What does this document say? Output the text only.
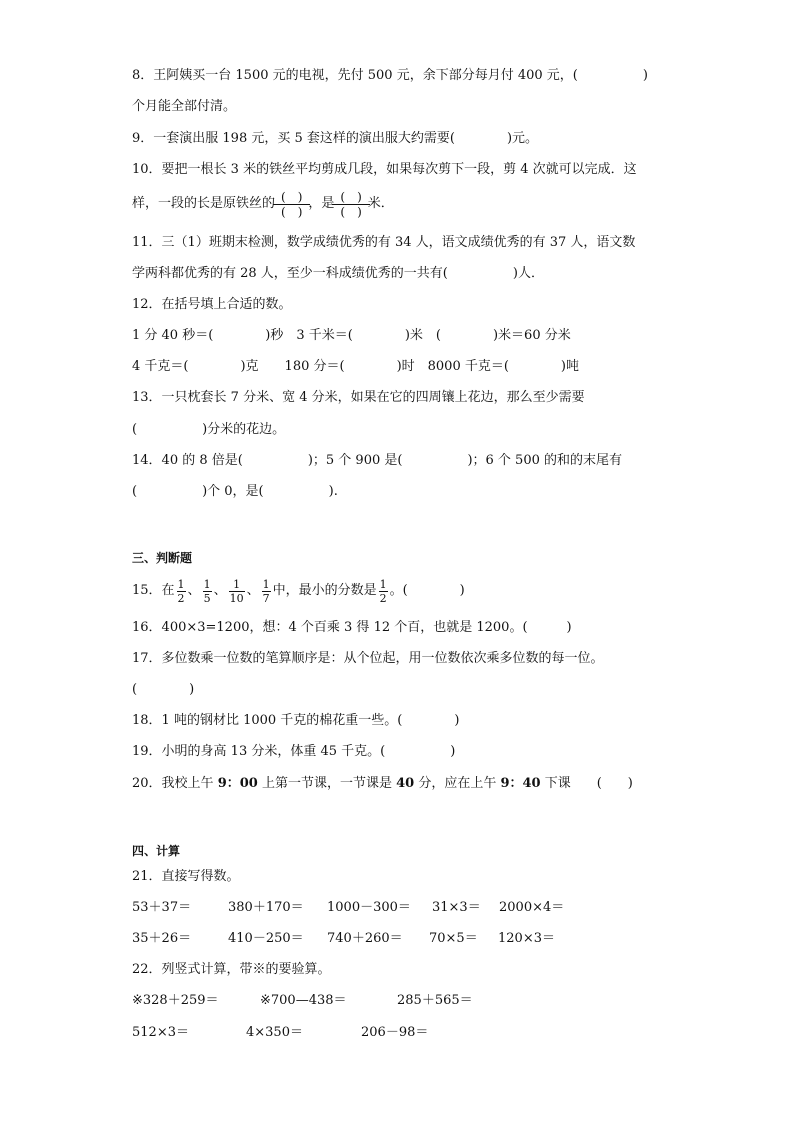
8．王阿姨买一台 1500 元的电视，先付 500 元，余下部分每月付 400 元，(　　　　　)
个月能全部付清。
9．一套演出服 198 元，买 5 套这样的演出服大约需要(　　　　)元。
10．要把一根长 3 米的铁丝平均剪成几段，如果每次剪下一段，剪 4 次就可以完成．这
样，一段的长是原铁丝的 $\frac{( )}{( )}$ ，是 $\frac{( )}{( )}$ 米．
11．三（1）班期末检测，数学成绩优秀的有 34 人，语文成绩优秀的有 37 人，语文数
学两科都优秀的有 28 人，至少一科成绩优秀的一共有(　　　　　)人．
12．在括号填上合适的数。
1 分 40 秒＝(　　　　)秒　3 千米＝(　　　　)米　(　　　　)米＝60 分米
4 千克＝(　　　　)克　　180 分＝(　　　　)时　8000 千克＝(　　　　)吨
13．一只枕套长 7 分米、宽 4 分米，如果在它的四周镶上花边，那么至少需要
(　　　　　)分米的花边。
14．40 的 8 倍是(　　　　　)；5 个 900 是(　　　　　)；6 个 500 的和的末尾有
(　　　　　)个 0，是(　　　　　).
三、判断题
15．在 $\frac{1}{2}$ 、 $\frac{1}{5}$ 、 $\frac{1}{10}$ 、 $\frac{1}{7}$ 中，最小的分数是 $\frac{1}{2}$ 。(　　　　)
16．400×3=1200，想：4 个百乘 3 得 12 个百，也就是 1200。(　　　)
17．多位数乘一位数的笔算顺序是：从个位起，用一位数依次乘多位数的每一位。
(　　　　)
18．1 吨的钢材比 1000 千克的棉花重一些。(　　　　)
19．小明的身高 13 分米，体重 45 千克。(　　　　　)
20．我校上午 9：00 上第一节课，一节课是 40 分，应在上午 9：40 下课　　(　　)
四、计算
21．直接写得数。
53＋37＝	380＋170＝ 1000－300＝ 31×3＝ 2000×4＝
35＋26＝	410－250＝ 740＋260＝ 70×5＝ 120×3＝
22．列竖式计算，带※的要验算。
※328＋259＝	※700—438＝	285＋565＝
512×3＝	4×350＝	206－98＝
